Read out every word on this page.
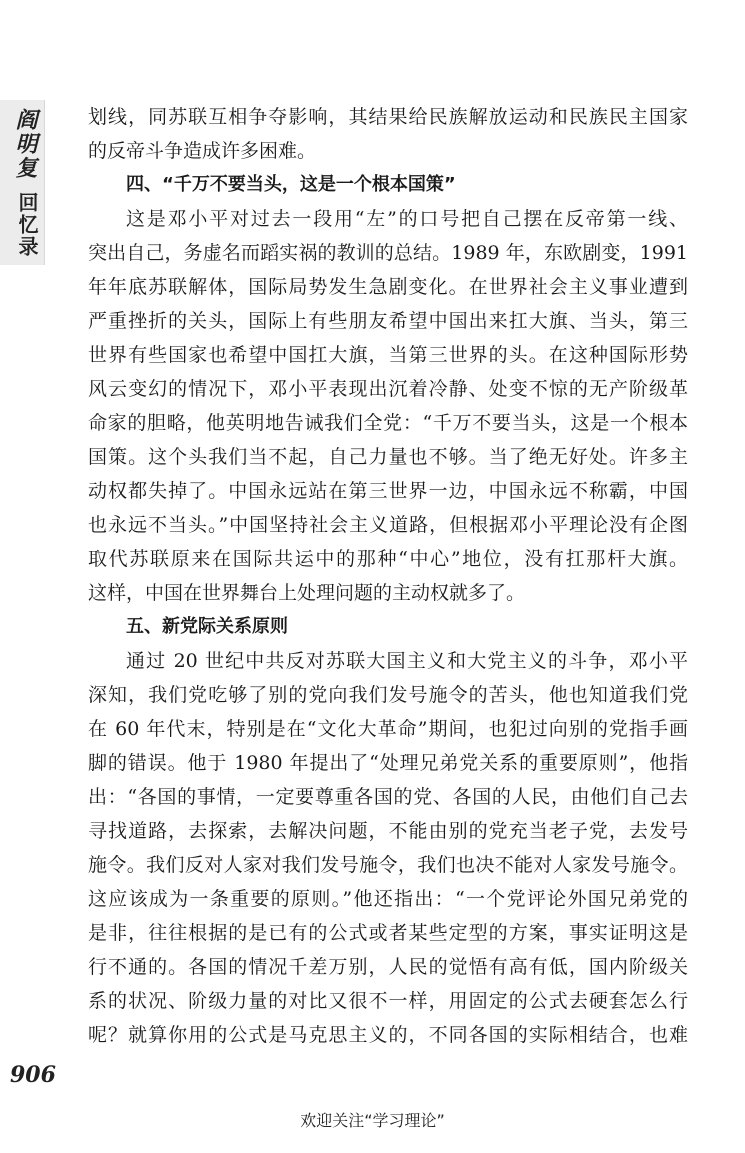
阎明复
回忆录
划线，同苏联互相争夺影响，其结果给民族解放运动和民族民主国家
的反帝斗争造成许多困难。
四、“千万不要当头，这是一个根本国策”
这是邓小平对过去一段用“左”的口号把自己摆在反帝第一线、
突出自己，务虚名而蹈实祸的教训的总结。1989 年，东欧剧变，1991
年年底苏联解体，国际局势发生急剧变化。在世界社会主义事业遭到
严重挫折的关头，国际上有些朋友希望中国出来扛大旗、当头，第三
世界有些国家也希望中国扛大旗，当第三世界的头。在这种国际形势
风云变幻的情况下，邓小平表现出沉着冷静、处变不惊的无产阶级革
命家的胆略，他英明地告诫我们全党：“千万不要当头，这是一个根本
国策。这个头我们当不起，自己力量也不够。当了绝无好处。许多主
动权都失掉了。中国永远站在第三世界一边，中国永远不称霸，中国
也永远不当头。”中国坚持社会主义道路，但根据邓小平理论没有企图
取代苏联原来在国际共运中的那种“中心”地位，没有扛那杆大旗。
这样，中国在世界舞台上处理问题的主动权就多了。
五、新党际关系原则
通过 20 世纪中共反对苏联大国主义和大党主义的斗争，邓小平
深知，我们党吃够了别的党向我们发号施令的苦头，他也知道我们党
在 60 年代末，特别是在“文化大革命”期间，也犯过向别的党指手画
脚的错误。他于 1980 年提出了“处理兄弟党关系的重要原则”，他指
出：“各国的事情，一定要尊重各国的党、各国的人民，由他们自己去
寻找道路，去探索，去解决问题，不能由别的党充当老子党，去发号
施令。我们反对人家对我们发号施令，我们也决不能对人家发号施令。
这应该成为一条重要的原则。”他还指出：“一个党评论外国兄弟党的
是非，往往根据的是已有的公式或者某些定型的方案，事实证明这是
行不通的。各国的情况千差万别，人民的觉悟有高有低，国内阶级关
系的状况、阶级力量的对比又很不一样，用固定的公式去硬套怎么行
呢？就算你用的公式是马克思主义的，不同各国的实际相结合，也难
906
欢迎关注“学习理论”
